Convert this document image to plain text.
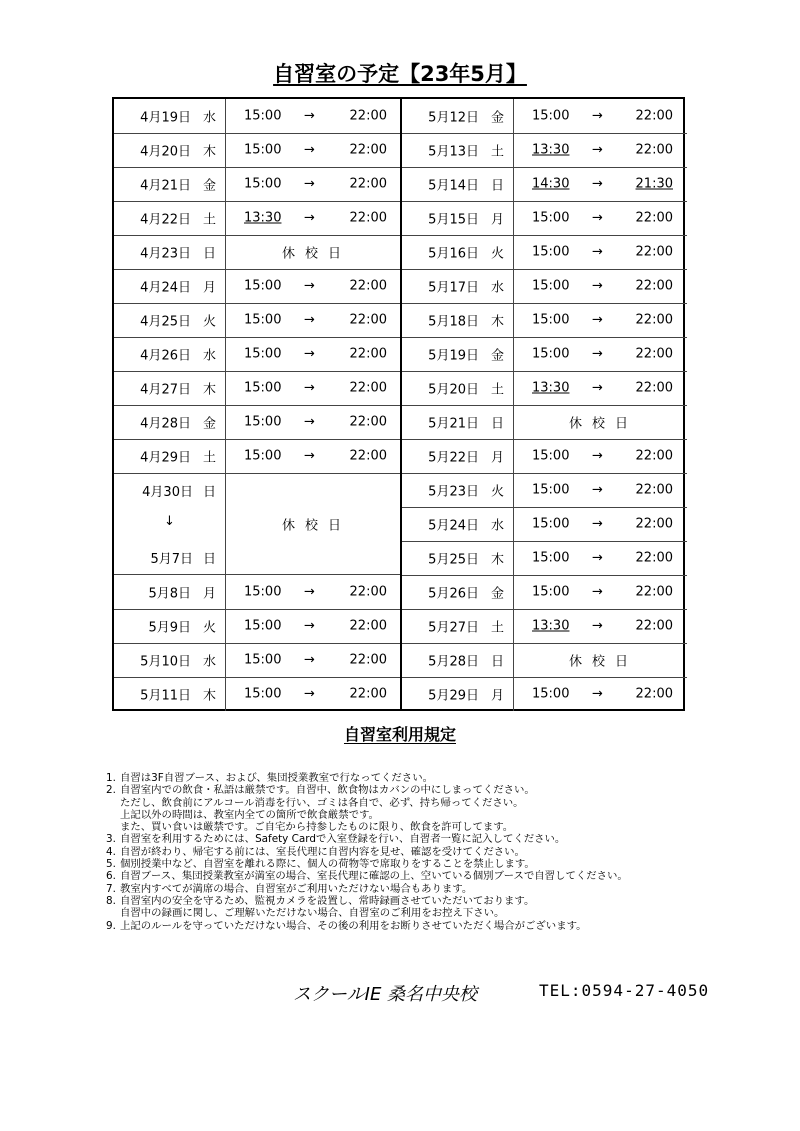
自習室の予定【23年5月】
4月19日 水 15:00 →	22:00
4月20日 木 15:00 →	22:00
4月21日 金 15:00 →	22:00
4月22日 土 13:30 →	22:00
4月23日 日	休校日
4月24日 月 15:00 →	22:00
4月25日 火 15:00 →	22:00
4月26日 水 15:00 →	22:00
4月27日 木 15:00 →	22:00
4月28日 金 15:00 →	22:00
4月29日 土 15:00 →	22:00
4月30日 日
↓
5月7日 日
休校日
5月8日 月 15:00 →	22:00
5月9日 火 15:00 →	22:00
5月10日 水 15:00 →	22:00
5月11日 木 15:00 →	22:00
5月12日 金 15:00 →	22:00
5月13日 土 13:30 →	22:00
5月14日 日 14:30 →	21:30
5月15日 月 15:00 →	22:00
5月16日 火 15:00 →	22:00
5月17日 水 15:00 →	22:00
5月18日 木 15:00 →	22:00
5月19日 金 15:00 →	22:00
5月20日 土 13:30 →	22:00
5月21日 日	休校日
5月22日 月 15:00 →	22:00
5月23日 火 15:00 →	22:00
5月24日 水 15:00 →	22:00
5月25日 木 15:00 →	22:00
5月26日 金 15:00 →	22:00
5月27日 土 13:30 →	22:00
5月28日 日	休校日
5月29日 月 15:00 →	22:00
自習室利用規定
1. 自習は3F自習ブース、および、集団授業教室で行なってください。
2. 自習室内での飲食・私語は厳禁です。自習中、飲食物はカバンの中にしまってください。
ただし、飲食前にアルコール消毒を行い、ゴミは各自で、必ず、持ち帰ってください。
上記以外の時間は、教室内全ての箇所で飲食厳禁です。
また、買い食いは厳禁です。ご自宅から持参したものに限り、飲食を許可してます。
3. 自習室を利用するためには、Safety Cardで入室登録を行い、自習者一覧に記入してください。
4. 自習が終わり、帰宅する前には、室長代理に自習内容を見せ、確認を受けてください。
5. 個別授業中など、自習室を離れる際に、個人の荷物等で席取りをすることを禁止します。
6. 自習ブース、集団授業教室が満室の場合、室長代理に確認の上、空いている個別ブースで自習してください。
7. 教室内すべてが満席の場合、自習室がご利用いただけない場合もあります。
8. 自習室内の安全を守るため、監視カメラを設置し、常時録画させていただいております。
自習中の録画に関し、ご理解いただけない場合、自習室のご利用をお控え下さい。
9. 上記のルールを守っていただけない場合、その後の利用をお断りさせていただく場合がございます。
スクールIE 桑名中央校	TEL:0594-27-4050
